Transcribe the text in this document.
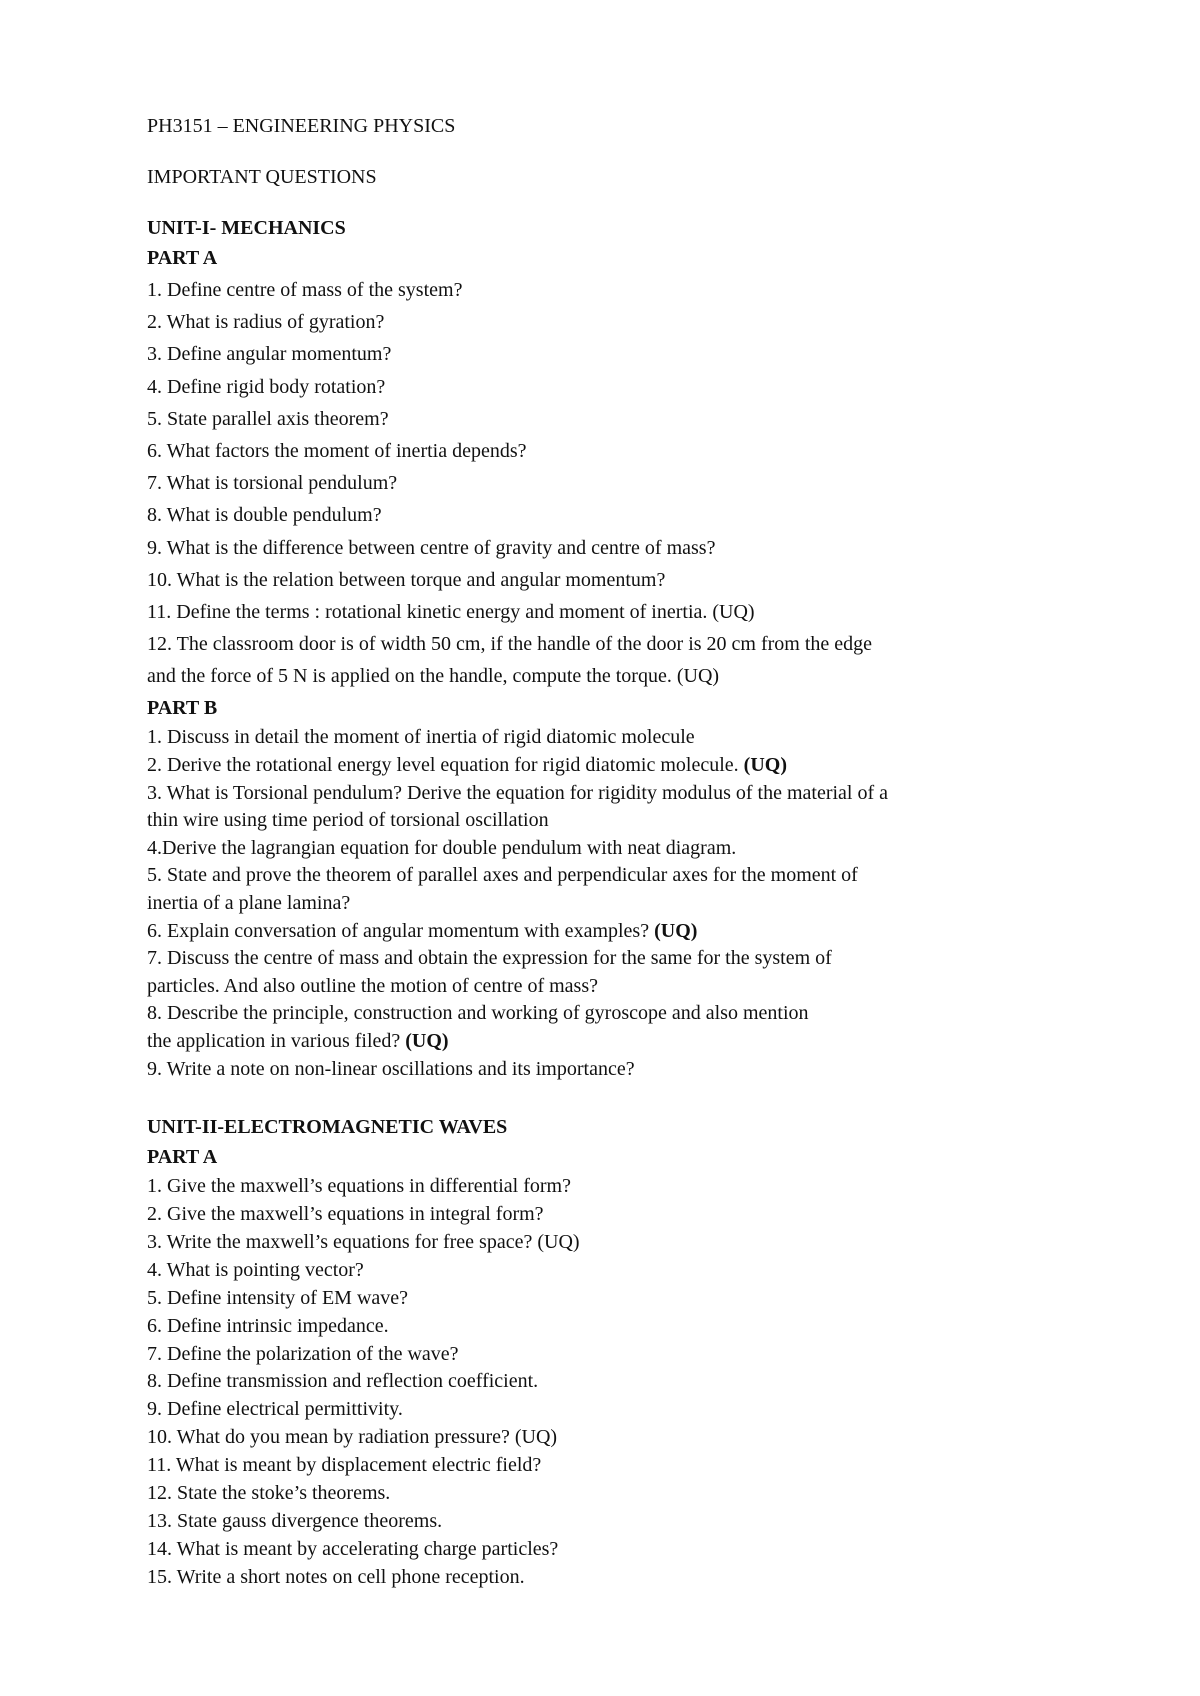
PH3151 – ENGINEERING PHYSICS

IMPORTANT QUESTIONS

UNIT-I- MECHANICS

PART A

1. Define centre of mass of the system?

2. What is radius of gyration?

3. Define angular momentum?

4. Define rigid body rotation?

5. State parallel axis theorem?

6. What factors the moment of inertia depends?

7. What is torsional pendulum?

8. What is double pendulum?

9. What is the difference between centre of gravity and centre of mass?

10. What is the relation between torque and angular momentum?

11. Define the terms : rotational kinetic energy and moment of inertia. (UQ)

12. The classroom door is of width 50 cm, if the handle of the door is 20 cm from the edge

and the force of 5 N is applied on the handle, compute the torque. (UQ)

PART B

1. Discuss in detail the moment of inertia of rigid diatomic molecule

2. Derive the rotational energy level equation for rigid diatomic molecule. (UQ)

3. What is Torsional pendulum? Derive the equation for rigidity modulus of the material of a

thin wire using time period of torsional oscillation

4.Derive the lagrangian equation for double pendulum with neat diagram.

5. State and prove the theorem of parallel axes and perpendicular axes for the moment of

inertia of a plane lamina?

6. Explain conversation of angular momentum with examples? (UQ)

7. Discuss the centre of mass and obtain the expression for the same for the system of

particles. And also outline the motion of centre of mass?

8. Describe the principle, construction and working of gyroscope and also mention

the application in various filed? (UQ)

9. Write a note on non-linear oscillations and its importance?

UNIT-II-ELECTROMAGNETIC WAVES

PART A

1. Give the maxwell’s equations in differential form?

2. Give the maxwell’s equations in integral form?

3. Write the maxwell’s equations for free space? (UQ)

4. What is pointing vector?

5. Define intensity of EM wave?

6. Define intrinsic impedance.

7. Define the polarization of the wave?

8. Define transmission and reflection coefficient.

9. Define electrical permittivity.

10. What do you mean by radiation pressure? (UQ)

11. What is meant by displacement electric field?

12. State the stoke’s theorems.

13. State gauss divergence theorems.

14. What is meant by accelerating charge particles?

15. Write a short notes on cell phone reception.
